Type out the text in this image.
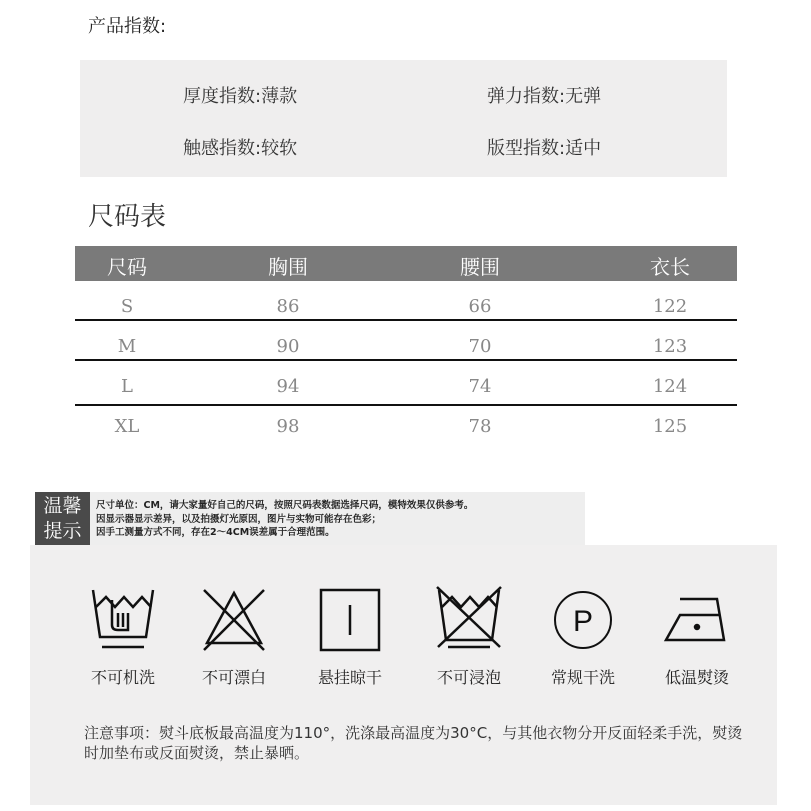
产品指数:
厚度指数:薄款	弹力指数:无弹
触感指数:较软	版型指数:适中
尺码表
尺码	胸围	腰围	衣长
S	86	66	122
M	90	70	123
L	94	74	124
XL	98	78	125
温馨
提示
尺寸单位：CM，请大家量好自己的尺码，按照尺码表数据选择尺码，模特效果仅供参考。
因显示器显示差异，以及拍摄灯光原因，图片与实物可能存在色彩；
因手工测量方式不同，存在2～4CM误差属于合理范围。
P
不可机洗	不可漂白	悬挂晾干	不可浸泡	常规干洗	低温熨烫
注意事项：熨斗底板最高温度为110°，洗涤最高温度为30°C，与其他衣物分开反面轻柔手洗，熨烫时加垫布或反面熨烫，禁止暴晒。
